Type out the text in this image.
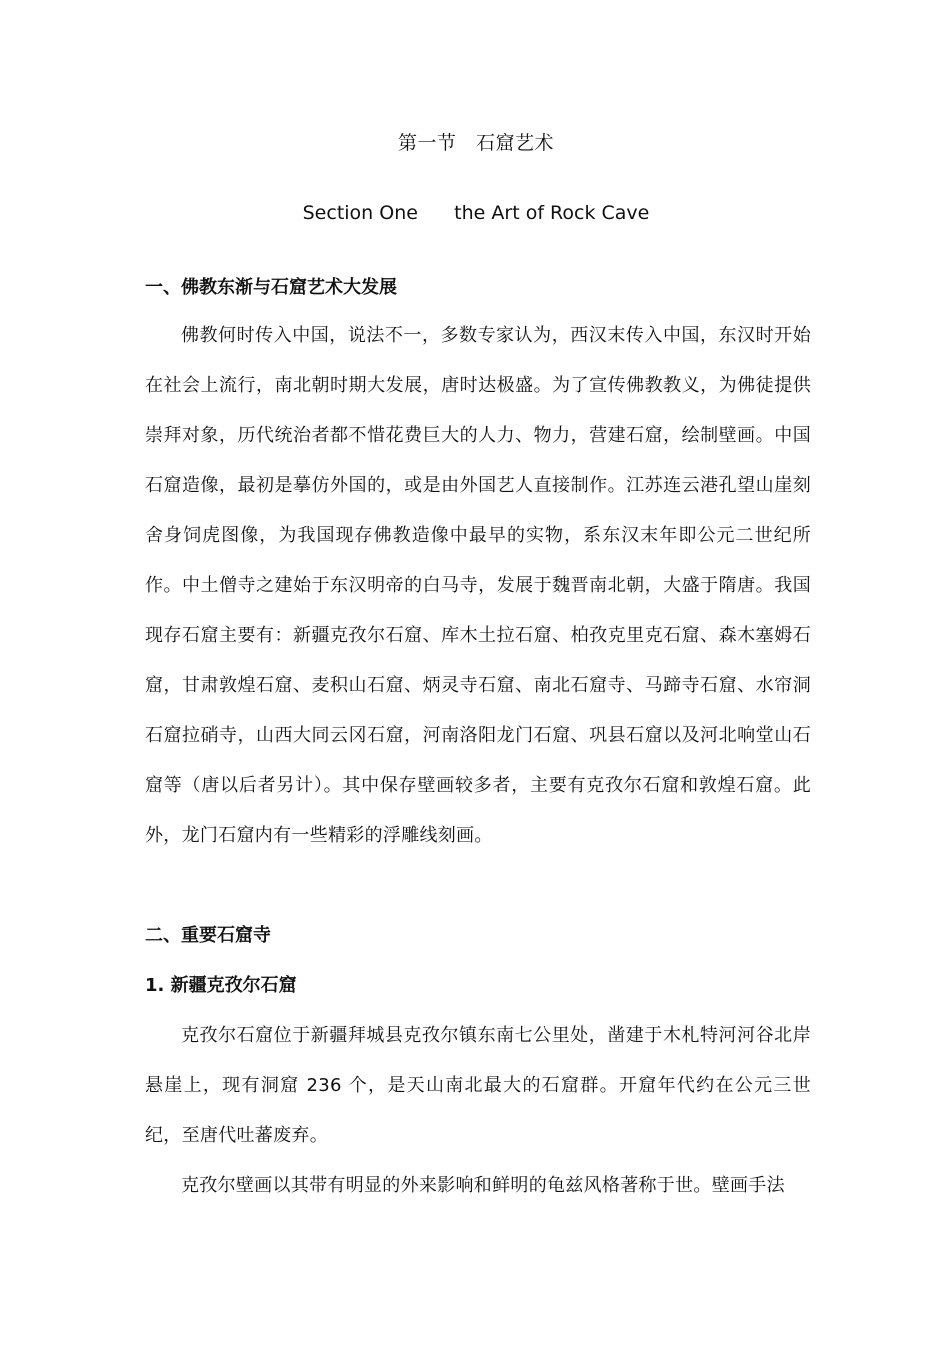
第一节　石窟艺术
Section One      the Art of Rock Cave
一、佛教东渐与石窟艺术大发展
佛教何时传入中国，说法不一，多数专家认为，西汉末传入中国，东汉时开始在社会上流行，南北朝时期大发展，唐时达极盛。为了宣传佛教教义，为佛徒提供崇拜对象，历代统治者都不惜花费巨大的人力、物力，营建石窟，绘制壁画。中国石窟造像，最初是摹仿外国的，或是由外国艺人直接制作。江苏连云港孔望山崖刻舍身饲虎图像，为我国现存佛教造像中最早的实物，系东汉末年即公元二世纪所作。中土僧寺之建始于东汉明帝的白马寺，发展于魏晋南北朝，大盛于隋唐。我国现存石窟主要有：新疆克孜尔石窟、库木土拉石窟、柏孜克里克石窟、森木塞姆石窟，甘肃敦煌石窟、麦积山石窟、炳灵寺石窟、南北石窟寺、马蹄寺石窟、水帘洞石窟拉硝寺，山西大同云冈石窟，河南洛阳龙门石窟、巩县石窟以及河北响堂山石窟等（唐以后者另计）。其中保存壁画较多者，主要有克孜尔石窟和敦煌石窟。此外，龙门石窟内有一些精彩的浮雕线刻画。
二、重要石窟寺
1. 新疆克孜尔石窟
克孜尔石窟位于新疆拜城县克孜尔镇东南七公里处，凿建于木札特河河谷北岸悬崖上，现有洞窟 236 个，是天山南北最大的石窟群。开窟年代约在公元三世纪，至唐代吐蕃废弃。
克孜尔壁画以其带有明显的外来影响和鲜明的龟兹风格著称于世。壁画手法
